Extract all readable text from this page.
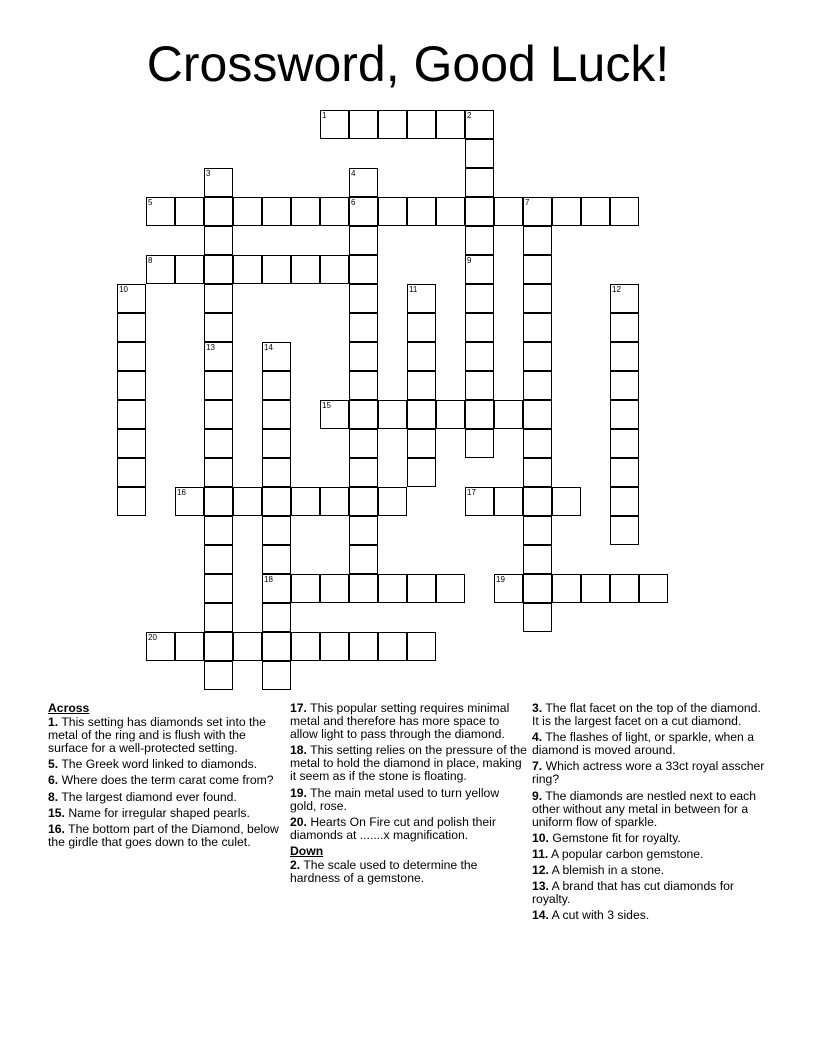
Crossword, Good Luck!
1	2
3	4
6
5	7
8	9
10	11	12
13	14
18
15
16	17
19
20
Across
1. This setting has diamonds set into the metal of the ring and is flush with the surface for a well-protected setting.
5. The Greek word linked to diamonds.
6. Where does the term carat come from?
8. The largest diamond ever found.
15. Name for irregular shaped pearls.
16. The bottom part of the Diamond, below the girdle that goes down to the culet.
17. This popular setting requires minimal metal and therefore has more space to allow light to pass through the diamond.
18. This setting relies on the pressure of the metal to hold the diamond in place, making it seem as if the stone is floating.
19. The main metal used to turn yellow gold, rose.
20. Hearts On Fire cut and polish their diamonds at .......x magnification.
Down
2. The scale used to determine the hardness of a gemstone.
3. The flat facet on the top of the diamond. It is the largest facet on a cut diamond.
4. The flashes of light, or sparkle, when a diamond is moved around.
7. Which actress wore a 33ct royal asscher ring?
9. The diamonds are nestled next to each other without any metal in between for a uniform flow of sparkle.
10. Gemstone fit for royalty.
11. A popular carbon gemstone.
12. A blemish in a stone.
13. A brand that has cut diamonds for royalty.
14. A cut with 3 sides.
